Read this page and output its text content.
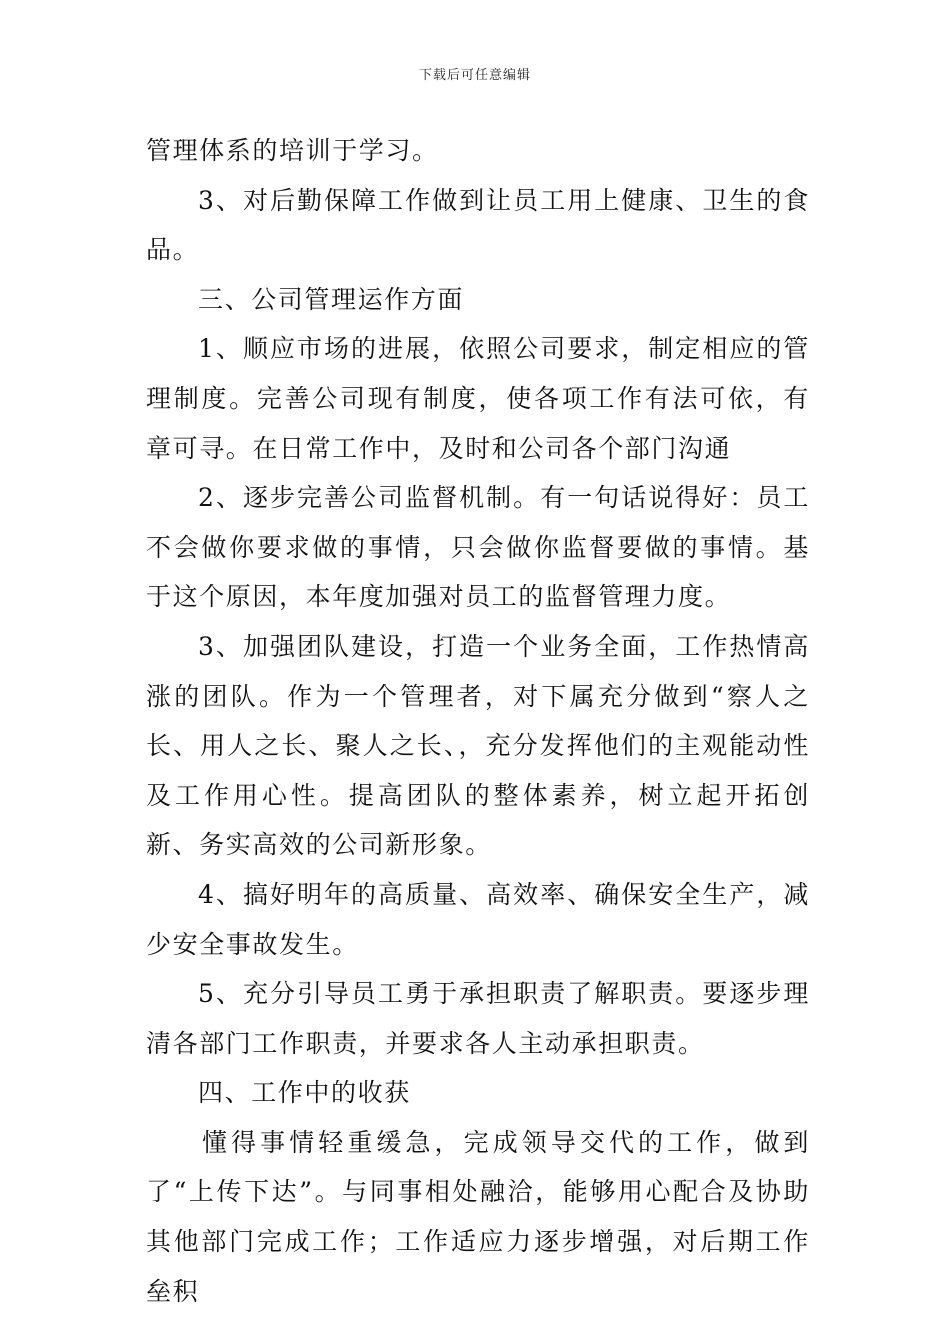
下载后可任意编辑

管理体系的培训于学习。

3、对后勤保障工作做到让员工用上健康、卫生的食品。

三、公司管理运作方面

1、顺应市场的进展，依照公司要求，制定相应的管理制度。完善公司现有制度，使各项工作有法可依，有章可寻。在日常工作中，及时和公司各个部门沟通

2、逐步完善公司监督机制。有一句话说得好：员工不会做你要求做的事情，只会做你监督要做的事情。基于这个原因，本年度加强对员工的监督管理力度。

3、加强团队建设，打造一个业务全面，工作热情高涨的团队。作为一个管理者，对下属充分做到“察人之长、用人之长、聚人之长、，充分发挥他们的主观能动性及工作用心性。提高团队的整体素养，树立起开拓创新、务实高效的公司新形象。

4、搞好明年的高质量、高效率、确保安全生产，减少安全事故发生。

5、充分引导员工勇于承担职责了解职责。要逐步理清各部门工作职责，并要求各人主动承担职责。

四、工作中的收获

懂得事情轻重缓急，完成领导交代的工作，做到了“上传下达”。与同事相处融洽，能够用心配合及协助其他部门完成工作；工作适应力逐步增强，对后期工作垒积
